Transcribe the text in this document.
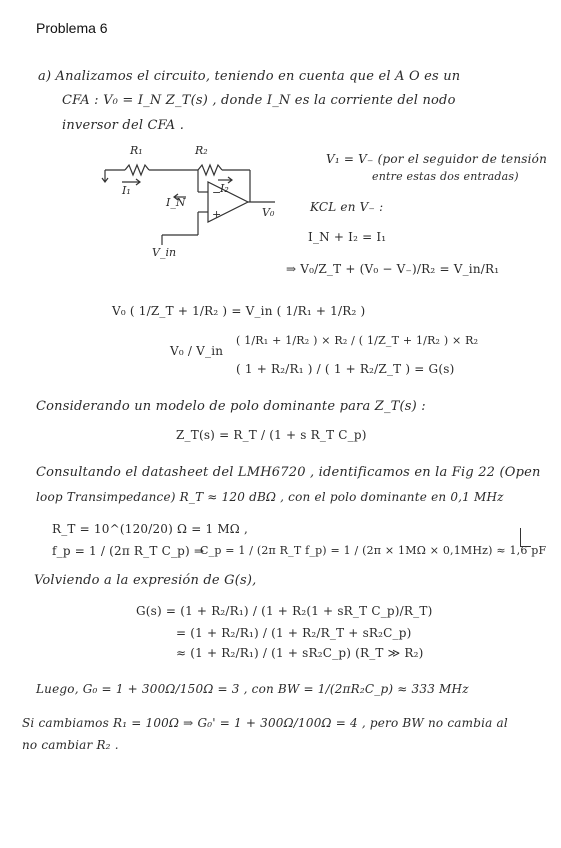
Problema 6
a) Analizamos el circuito, teniendo en cuenta que el A O es un
CFA : V₀ = I_N Z_T(s) , donde I_N es la corriente del nodo
inversor del CFA .
R₁	R₂
I₁	I₂
I_N
−
+	V₀
V_in
V₁ = V₋ (por el seguidor de tensión
entre estas dos entradas)
KCL en V₋ :
I_N + I₂ = I₁
⇒ V₀/Z_T + (V₀ − V₋)/R₂ = V_in/R₁
V₀ ( 1/Z_T + 1/R₂ ) = V_in ( 1/R₁ + 1/R₂ )
V₀ / V_in
( 1/R₁ + 1/R₂ ) × R₂ / ( 1/Z_T + 1/R₂ ) × R₂
( 1 + R₂/R₁ ) / ( 1 + R₂/Z_T ) = G(s)
Considerando un modelo de polo dominante para Z_T(s) :
Z_T(s) = R_T / (1 + s R_T C_p)
Consultando el datasheet del LMH6720 , identificamos en la Fig 22 (Open
loop Transimpedance) R_T ≈ 120 dBΩ , con el polo dominante en 0,1 MHz
R_T = 10^(120/20) Ω = 1 MΩ ,
f_p = 1 / (2π R_T C_p) ⇒
C_p = 1 / (2π R_T f_p) = 1 / (2π × 1MΩ × 0,1MHz) ≈ 1,6 pF
Volviendo a la expresión de G(s),
G(s) = (1 + R₂/R₁) / (1 + R₂(1 + sR_T C_p)/R_T)
= (1 + R₂/R₁) / (1 + R₂/R_T + sR₂C_p)
≈ (1 + R₂/R₁) / (1 + sR₂C_p) (R_T ≫ R₂)
Luego, G₀ = 1 + 300Ω/150Ω = 3 , con BW = 1/(2πR₂C_p) ≈ 333 MHz
Si cambiamos R₁ = 100Ω ⇒ G₀' = 1 + 300Ω/100Ω = 4 , pero BW no cambia al
no cambiar R₂ .
